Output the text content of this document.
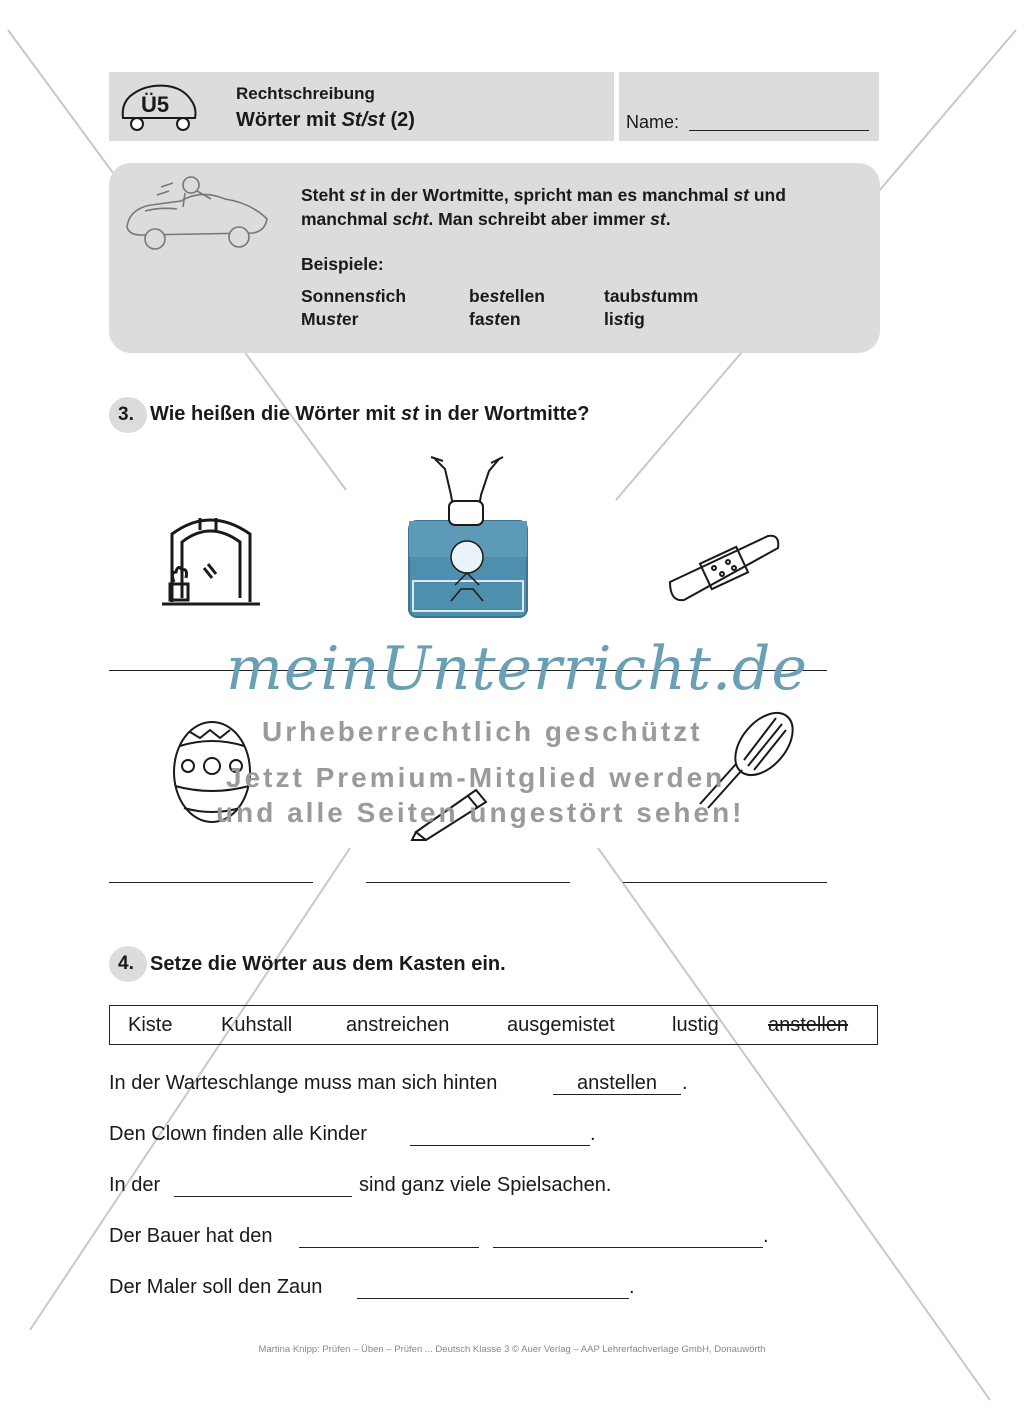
Ü5	Rechtschreibung
Wörter mit St/st (2)	Name:
Steht st in der Wortmitte, spricht man es manchmal st und manchmal scht. Man schreibt aber immer st.
Beispiele:
Sonnenstich	bestellen	taubstumm
Muster	fasten	listig
3. Wie heißen die Wörter mit st in der Wortmitte?
4. Setze die Wörter aus dem Kasten ein.
Kiste Kuhstall	anstreichen	ausgemistet	lustig anstellen
In der Warteschlange muss man sich hinten	anstellen	.
Den Clown finden alle Kinder	.
In der	sind ganz viele Spielsachen.
Der Bauer hat den	.
Der Maler soll den Zaun	.
meinUnterricht.de
Urheberrechtlich geschützt
Jetzt Premium-Mitglied werden
und alle Seiten ungestört sehen!
Martina Knipp: Prüfen – Üben – Prüfen ... Deutsch Klasse 3 © Auer Verlag – AAP Lehrerfachverlage GmbH, Donauwörth
